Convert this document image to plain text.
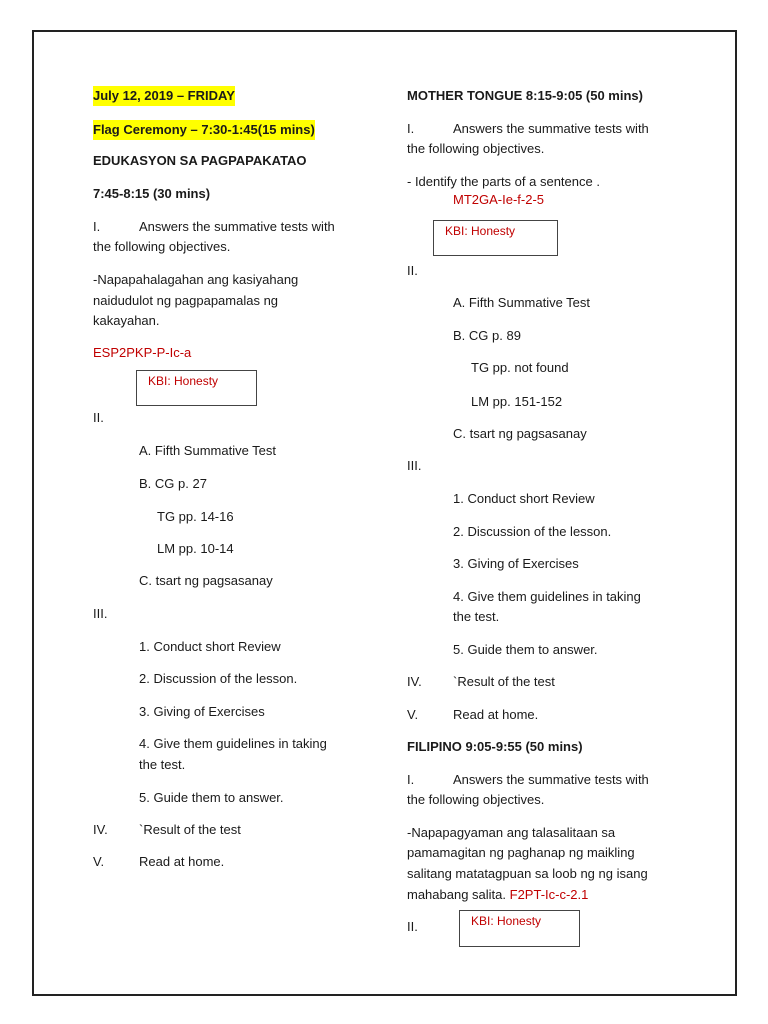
July 12, 2019 – FRIDAY
Flag Ceremony – 7:30-1:45(15 mins)
EDUKASYON SA PAGPAPAKATAO
7:45-8:15 (30 mins)
I.	Answers the summative tests with
the following objectives.
-Napapahalagahan ang kasiyahang
naidudulot ng pagpapamalas ng
kakayahan.
ESP2PKP-P-Ic-a
KBI: Honesty
II.
A. Fifth Summative Test
B. CG p. 27
TG pp. 14-16
LM pp. 10-14
C. tsart ng pagsasanay
III.
1. Conduct short Review
2. Discussion of the lesson.
3. Giving of Exercises
4. Give them guidelines in taking
the test.
5. Guide them to answer.
IV. `Result of the test
V.	Read at home.
MOTHER TONGUE 8:15-9:05 (50 mins)
I.	Answers the summative tests with
the following objectives.
- Identify the parts of a sentence .
MT2GA-Ie-f-2-5
KBI: Honesty
II.
A. Fifth Summative Test
B. CG p. 89
TG pp. not found
LM pp. 151-152
C. tsart ng pagsasanay
III.
1. Conduct short Review
2. Discussion of the lesson.
3. Giving of Exercises
4. Give them guidelines in taking
the test.
5. Guide them to answer.
IV. `Result of the test
V.	Read at home.
FILIPINO 9:05-9:55 (50 mins)
I.	Answers the summative tests with
the following objectives.
-Napapagyaman ang talasalitaan sa
pamamagitan ng paghanap ng maikling
salitang matatagpuan sa loob ng ng isang
mahabang salita. F2PT-Ic-c-2.1
II.	KBI: Honesty
